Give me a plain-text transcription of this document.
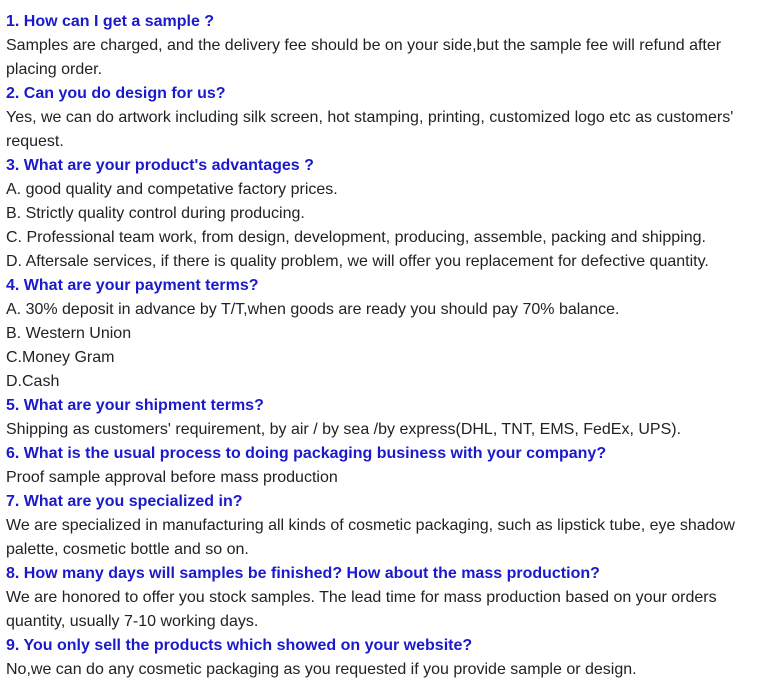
1. How can I get a sample ?
Samples are charged, and the delivery fee should be on your side,but the sample fee will refund after
placing order.
2. Can you do design for us?
Yes, we can do artwork including silk screen, hot stamping, printing, customized logo etc as customers'
request.
3. What are your product's advantages ?
A. good quality and competative factory prices.
B. Strictly quality control during producing.
C. Professional team work, from design, development, producing, assemble, packing and shipping.
D. Aftersale services, if there is quality problem, we will offer you replacement for defective quantity.
4. What are your payment terms?
A. 30% deposit in advance by T/T,when goods are ready you should pay 70% balance.
B. Western Union
C.Money Gram
D.Cash
5. What are your shipment terms?
Shipping as customers' requirement, by air / by sea /by express(DHL, TNT, EMS, FedEx, UPS).
6. What is the usual process to doing packaging business with your company?
Proof sample approval before mass production
7. What are you specialized in?
We are specialized in manufacturing all kinds of cosmetic packaging, such as lipstick tube, eye shadow
palette, cosmetic bottle and so on.
8. How many days will samples be finished? How about the mass production?
We are honored to offer you stock samples. The lead time for mass production based on your orders
quantity, usually 7-10 working days.
9. You only sell the products which showed on your website?
No,we can do any cosmetic packaging as you requested if you provide sample or design.
